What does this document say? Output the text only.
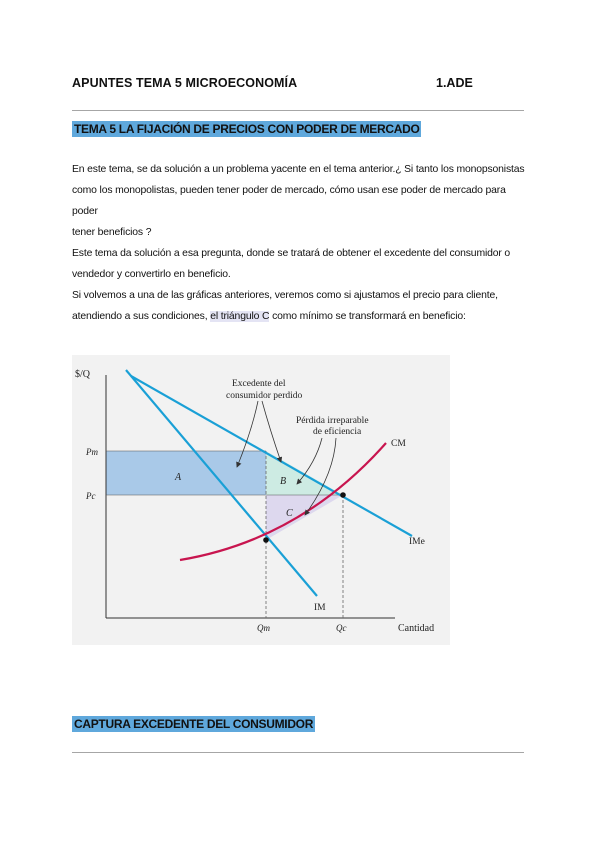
APUNTES TEMA 5 MICROECONOMÍA	1.ADE
TEMA 5 LA FIJACIÓN DE PRECIOS CON PODER DE MERCADO
En este tema, se da solución a un problema yacente en el tema anterior.¿ Si tanto los monopsonistas
como los monopolistas, pueden tener poder de mercado, cómo usan ese poder de mercado para poder
tener beneficios ?
Este tema da solución a esa pregunta, donde se tratará de obtener el excedente del consumidor o
vendedor y convertirlo en beneficio.
Si volvemos a una de las gráficas anteriores, veremos como si ajustamos el precio para cliente,
atendiendo a sus condiciones, el triángulo C como mínimo se transformará en beneficio:
$/Q
Cantidad
Pm
Pc
Qm	Qc
IMe
IM
CM
A	B
C
Excedente del
consumidor perdido
Pérdida irreparable
de eficiencia
CAPTURA EXCEDENTE DEL CONSUMIDOR
